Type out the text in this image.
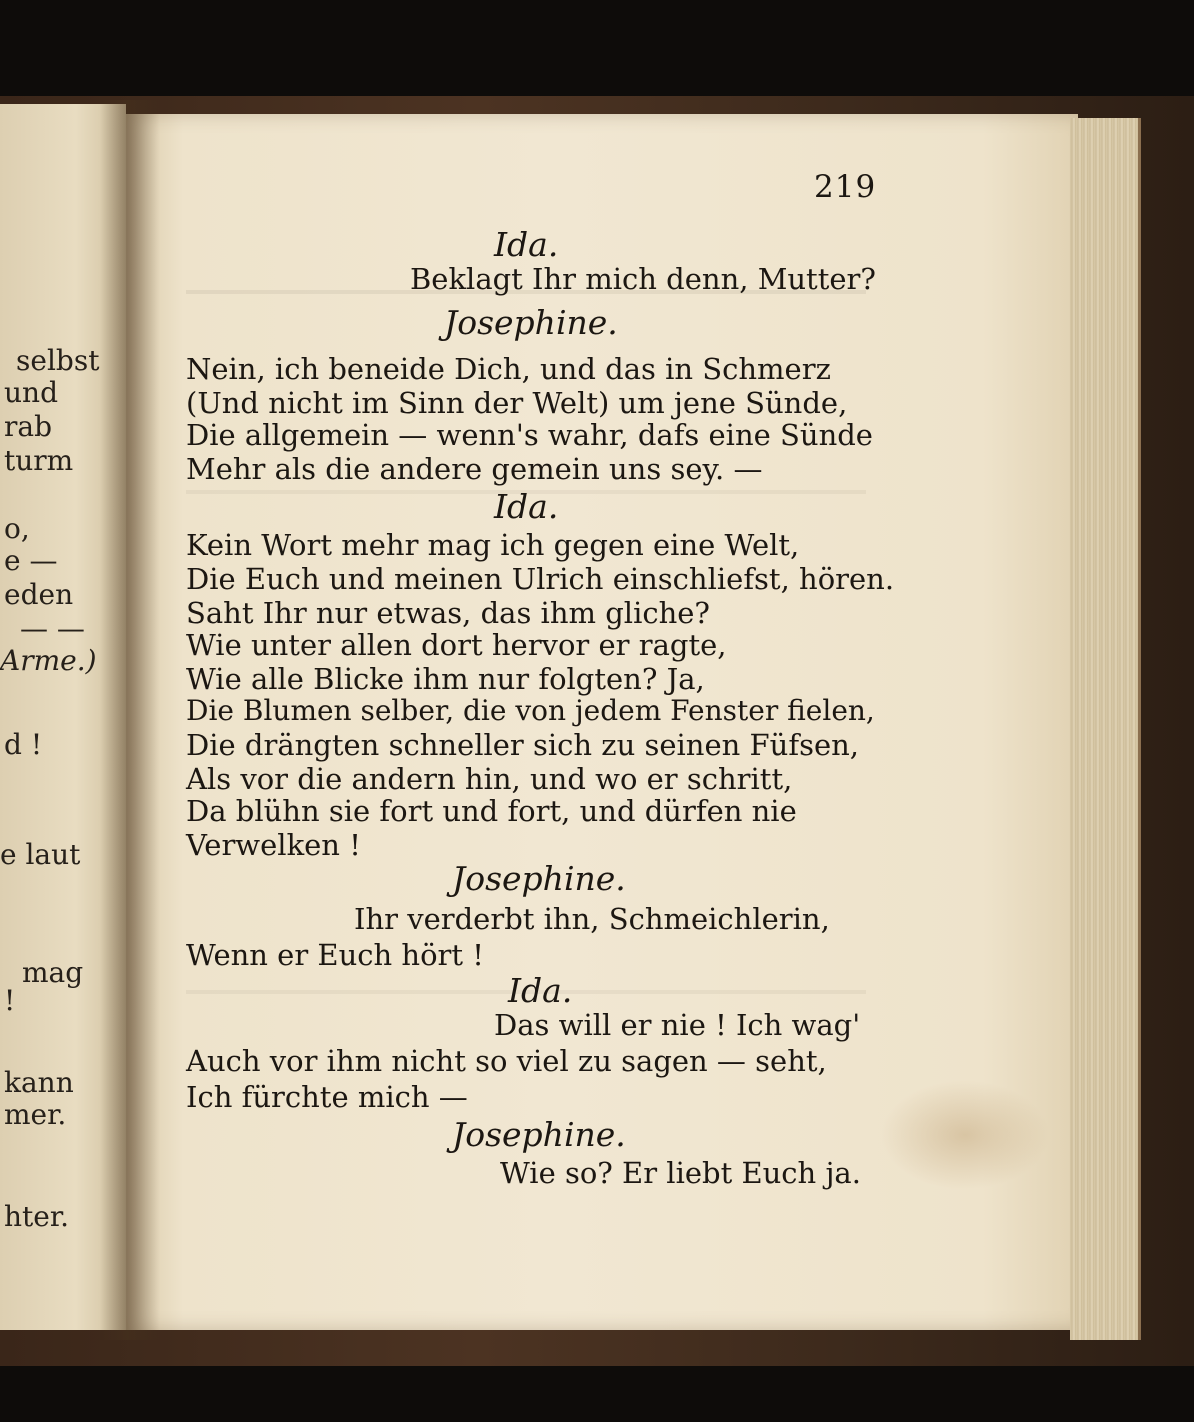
selbst
und
rab
turm
o,
e —
eden
— —
Arme.)
d !
e laut
mag
!
kann
mer.
hter.
219
Ida.
Beklagt Ihr mich denn, Mutter?
Josephine.
Nein, ich beneide Dich, und das in Schmerz
(Und nicht im Sinn der Welt) um jene Sünde,
Die allgemein — wenn's wahr, dafs eine Sünde
Mehr als die andere gemein uns sey. —
Ida.
Kein Wort mehr mag ich gegen eine Welt,
Die Euch und meinen Ulrich einschliefst, hören.
Saht Ihr nur etwas, das ihm gliche?
Wie unter allen dort hervor er ragte,
Wie alle Blicke ihm nur folgten? Ja,
Die Blumen selber, die von jedem Fenster fielen,
Die drängten schneller sich zu seinen Füfsen,
Als vor die andern hin, und wo er schritt,
Da blühn sie fort und fort, und dürfen nie
Verwelken !
Josephine.
Ihr verderbt ihn, Schmeichlerin,
Wenn er Euch hört !
Ida.
Das will er nie ! Ich wag'
Auch vor ihm nicht so viel zu sagen — seht,
Ich fürchte mich —
Josephine.
Wie so? Er liebt Euch ja.
